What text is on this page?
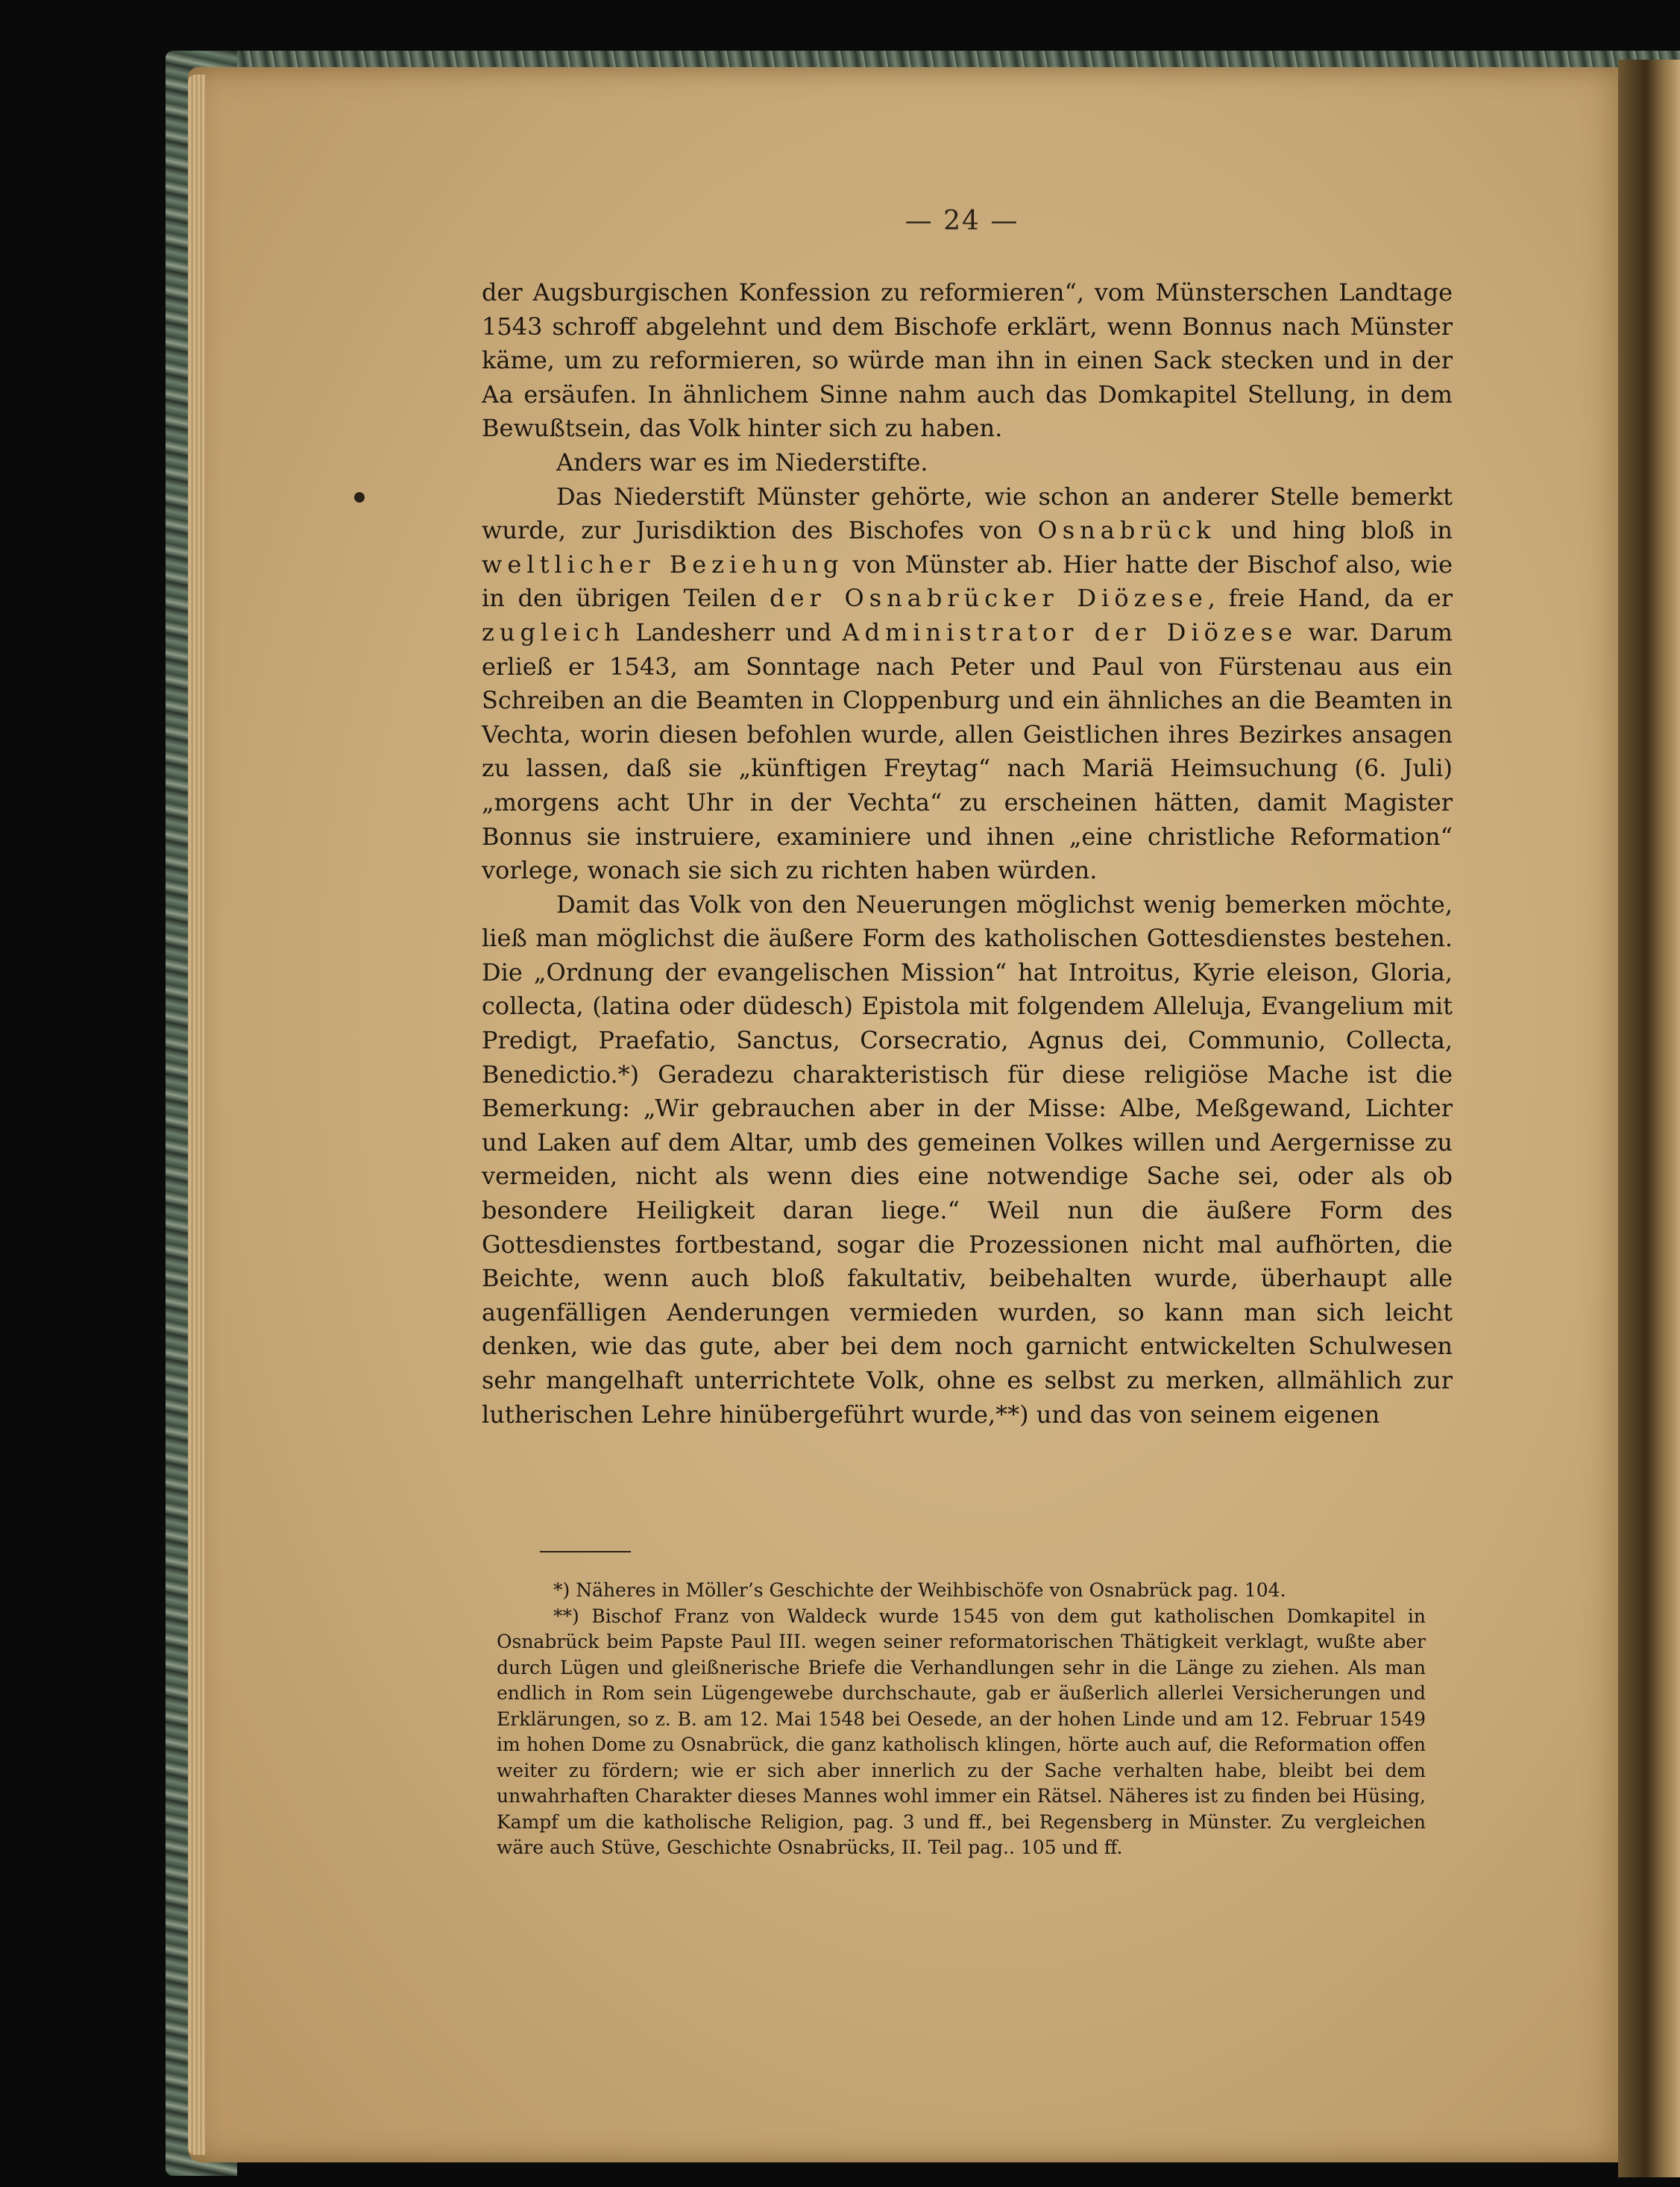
— 24 —

der Augsburgischen Konfession zu reformieren“, vom Münsterschen Landtage 1543 schroff abgelehnt und dem Bischofe erklärt, wenn Bonnus nach Münster käme, um zu reformieren, so würde man ihn in einen Sack stecken und in der Aa ersäufen. In ähnlichem Sinne nahm auch das Domkapitel Stellung, in dem Bewußtsein, das Volk hinter sich zu haben.

Anders war es im Niederstifte.

Das Niederstift Münster gehörte, wie schon an anderer Stelle bemerkt wurde, zur Jurisdiktion des Bischofes von Osnabrück und hing bloß in weltlicher Beziehung von Münster ab. Hier hatte der Bischof also, wie in den übrigen Teilen der Osnabrücker Diözese, freie Hand, da er zugleich Landesherr und Administrator der Diözese war. Darum erließ er 1543, am Sonntage nach Peter und Paul von Fürstenau aus ein Schreiben an die Beamten in Cloppenburg und ein ähnliches an die Beamten in Vechta, worin diesen befohlen wurde, allen Geistlichen ihres Bezirkes ansagen zu lassen, daß sie „künftigen Freytag“ nach Mariä Heimsuchung (6. Juli) „morgens acht Uhr in der Vechta“ zu erscheinen hätten, damit Magister Bonnus sie instruiere, examiniere und ihnen „eine christliche Reformation“ vorlege, wonach sie sich zu richten haben würden.

Damit das Volk von den Neuerungen möglichst wenig bemerken möchte, ließ man möglichst die äußere Form des katholischen Gottesdienstes bestehen. Die „Ordnung der evangelischen Mission“ hat Introitus, Kyrie eleison, Gloria, collecta, (latina oder düdesch) Epistola mit folgendem Alleluja, Evangelium mit Predigt, Praefatio, Sanctus, Corsecratio, Agnus dei, Communio, Collecta, Benedictio.*) Geradezu charakteristisch für diese religiöse Mache ist die Bemerkung: „Wir gebrauchen aber in der Misse: Albe, Meßgewand, Lichter und Laken auf dem Altar, umb des gemeinen Volkes willen und Aergernisse zu vermeiden, nicht als wenn dies eine notwendige Sache sei, oder als ob besondere Heiligkeit daran liege.“ Weil nun die äußere Form des Gottesdienstes fortbestand, sogar die Prozessionen nicht mal aufhörten, die Beichte, wenn auch bloß fakultativ, beibehalten wurde, überhaupt alle augenfälligen Aenderungen vermieden wurden, so kann man sich leicht denken, wie das gute, aber bei dem noch garnicht entwickelten Schulwesen sehr mangelhaft unterrichtete Volk, ohne es selbst zu merken, allmählich zur lutherischen Lehre hinübergeführt wurde,**) und das von seinem eigenen

*) Näheres in Möller’s Geschichte der Weihbischöfe von Osnabrück pag. 104.

**) Bischof Franz von Waldeck wurde 1545 von dem gut katholischen Domkapitel in Osnabrück beim Papste Paul III. wegen seiner reformatorischen Thätigkeit verklagt, wußte aber durch Lügen und gleißnerische Briefe die Verhandlungen sehr in die Länge zu ziehen. Als man endlich in Rom sein Lügengewebe durchschaute, gab er äußerlich allerlei Versicherungen und Erklärungen, so z. B. am 12. Mai 1548 bei Oesede, an der hohen Linde und am 12. Februar 1549 im hohen Dome zu Osnabrück, die ganz katholisch klingen, hörte auch auf, die Reformation offen weiter zu fördern; wie er sich aber innerlich zu der Sache verhalten habe, bleibt bei dem unwahrhaften Charakter dieses Mannes wohl immer ein Rätsel. Näheres ist zu finden bei Hüsing, Kampf um die katholische Religion, pag. 3 und ff., bei Regensberg in Münster. Zu vergleichen wäre auch Stüve, Geschichte Osnabrücks, II. Teil pag.. 105 und ff.
